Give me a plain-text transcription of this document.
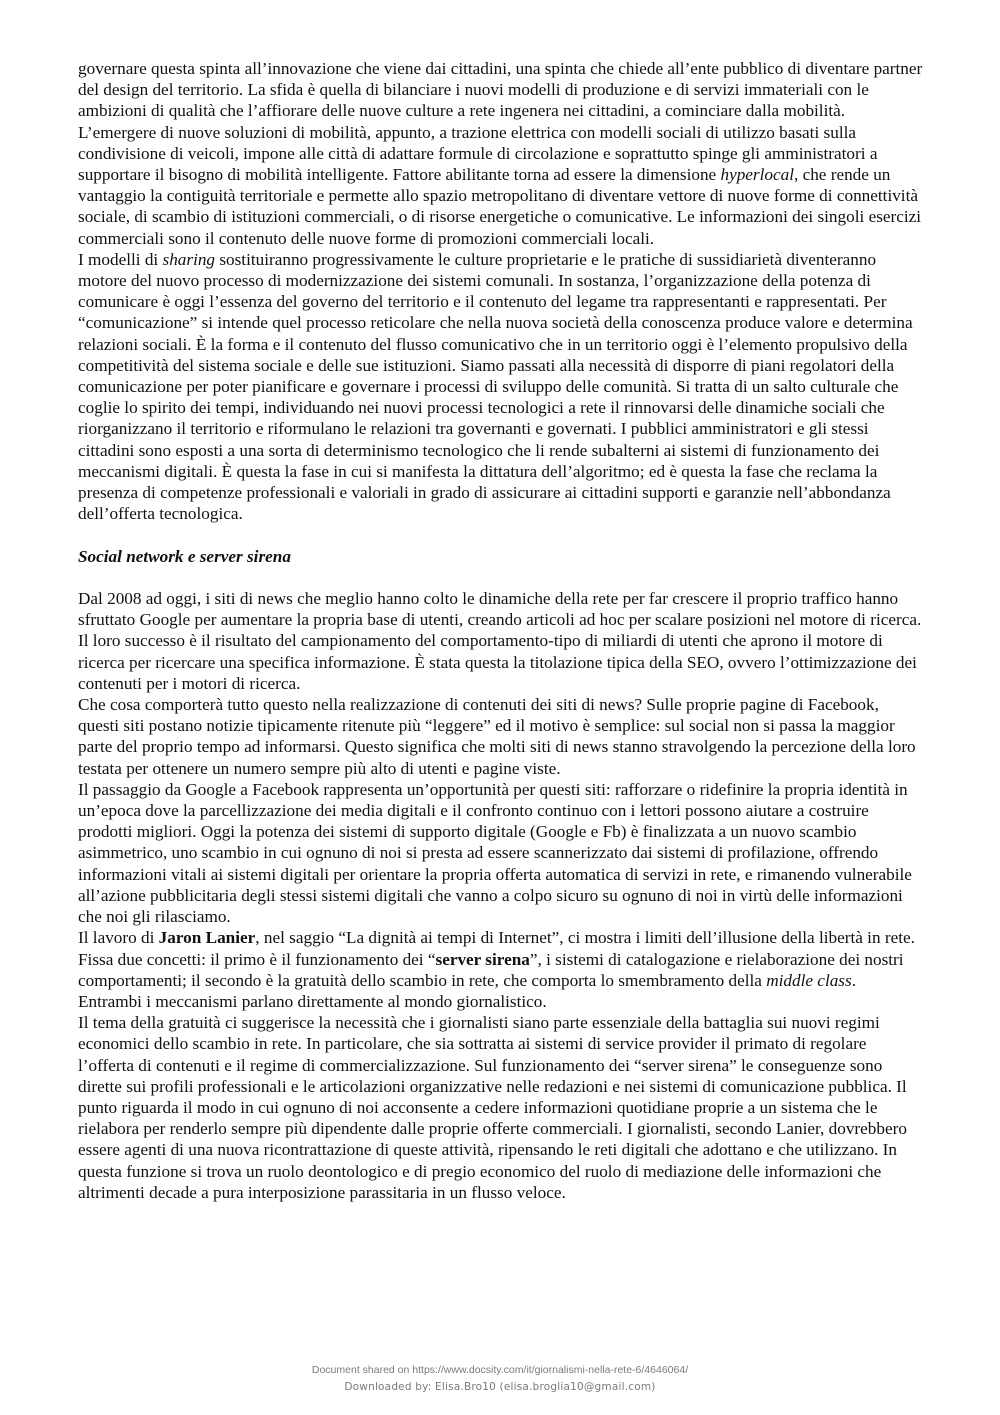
governare questa spinta all’innovazione che viene dai cittadini, una spinta che chiede all’ente pubblico di diventare partner del design del territorio. La sfida è quella di bilanciare i nuovi modelli di produzione e di servizi immateriali con le ambizioni di qualità che l’affiorare delle nuove culture a rete ingenera nei cittadini, a cominciare dalla mobilità. L’emergere di nuove soluzioni di mobilità, appunto, a trazione elettrica con modelli sociali di utilizzo basati sulla condivisione di veicoli, impone alle città di adattare formule di circolazione e soprattutto spinge gli amministratori a supportare il bisogno di mobilità intelligente. Fattore abilitante torna ad essere la dimensione hyperlocal, che rende un vantaggio la contiguità territoriale e permette allo spazio metropolitano di diventare vettore di nuove forme di connettività sociale, di scambio di istituzioni commerciali, o di risorse energetiche o comunicative. Le informazioni dei singoli esercizi commerciali sono il contenuto delle nuove forme di promozioni commerciali locali.

I modelli di sharing sostituiranno progressivamente le culture proprietarie e le pratiche di sussidiarietà diventeranno motore del nuovo processo di modernizzazione dei sistemi comunali. In sostanza, l’organizzazione della potenza di comunicare è oggi l’essenza del governo del territorio e il contenuto del legame tra rappresentanti e rappresentati. Per “comunicazione” si intende quel processo reticolare che nella nuova società della conoscenza produce valore e determina relazioni sociali. È la forma e il contenuto del flusso comunicativo che in un territorio oggi è l’elemento propulsivo della competitività del sistema sociale e delle sue istituzioni. Siamo passati alla necessità di disporre di piani regolatori della comunicazione per poter pianificare e governare i processi di sviluppo delle comunità. Si tratta di un salto culturale che coglie lo spirito dei tempi, individuando nei nuovi processi tecnologici a rete il rinnovarsi delle dinamiche sociali che riorganizzano il territorio e riformulano le relazioni tra governanti e governati. I pubblici amministratori e gli stessi cittadini sono esposti a una sorta di determinismo tecnologico che li rende subalterni ai sistemi di funzionamento dei meccanismi digitali. È questa la fase in cui si manifesta la dittatura dell’algoritmo; ed è questa la fase che reclama la presenza di competenze professionali e valoriali in grado di assicurare ai cittadini supporti e garanzie nell’abbondanza dell’offerta tecnologica.

Social network e server sirena

Dal 2008 ad oggi, i siti di news che meglio hanno colto le dinamiche della rete per far crescere il proprio traffico hanno sfruttato Google per aumentare la propria base di utenti, creando articoli ad hoc per scalare posizioni nel motore di ricerca. Il loro successo è il risultato del campionamento del comportamento-tipo di miliardi di utenti che aprono il motore di ricerca per ricercare una specifica informazione. È stata questa la titolazione tipica della SEO, ovvero l’ottimizzazione dei contenuti per i motori di ricerca.

Che cosa comporterà tutto questo nella realizzazione di contenuti dei siti di news? Sulle proprie pagine di Facebook, questi siti postano notizie tipicamente ritenute più “leggere” ed il motivo è semplice: sul social non si passa la maggior parte del proprio tempo ad informarsi. Questo significa che molti siti di news stanno stravolgendo la percezione della loro testata per ottenere un numero sempre più alto di utenti e pagine viste.

Il passaggio da Google a Facebook rappresenta un’opportunità per questi siti: rafforzare o ridefinire la propria identità in un’epoca dove la parcellizzazione dei media digitali e il confronto continuo con i lettori possono aiutare a costruire prodotti migliori. Oggi la potenza dei sistemi di supporto digitale (Google e Fb) è finalizzata a un nuovo scambio asimmetrico, uno scambio in cui ognuno di noi si presta ad essere scannerizzato dai sistemi di profilazione, offrendo informazioni vitali ai sistemi digitali per orientare la propria offerta automatica di servizi in rete, e rimanendo vulnerabile all’azione pubblicitaria degli stessi sistemi digitali che vanno a colpo sicuro su ognuno di noi in virtù delle informazioni che noi gli rilasciamo.

Il lavoro di Jaron Lanier, nel saggio “La dignità ai tempi di Internet”, ci mostra i limiti dell’illusione della libertà in rete. Fissa due concetti: il primo è il funzionamento dei “server sirena”, i sistemi di catalogazione e rielaborazione dei nostri comportamenti; il secondo è la gratuità dello scambio in rete, che comporta lo smembramento della middle class. Entrambi i meccanismi parlano direttamente al mondo giornalistico.

Il tema della gratuità ci suggerisce la necessità che i giornalisti siano parte essenziale della battaglia sui nuovi regimi economici dello scambio in rete. In particolare, che sia sottratta ai sistemi di service provider il primato di regolare l’offerta di contenuti e il regime di commercializzazione. Sul funzionamento dei “server sirena” le conseguenze sono dirette sui profili professionali e le articolazioni organizzative nelle redazioni e nei sistemi di comunicazione pubblica. Il punto riguarda il modo in cui ognuno di noi acconsente a cedere informazioni quotidiane proprie a un sistema che le rielabora per renderlo sempre più dipendente dalle proprie offerte commerciali. I giornalisti, secondo Lanier, dovrebbero essere agenti di una nuova ricontrattazione di queste attività, ripensando le reti digitali che adottano e che utilizzano. In questa funzione si trova un ruolo deontologico e di pregio economico del ruolo di mediazione delle informazioni che altrimenti decade a pura interposizione parassitaria in un flusso veloce.

Document shared on https://www.docsity.com/it/giornalismi-nella-rete-6/4646064/
Downloaded by: Elisa.Bro10 (elisa.broglia10@gmail.com)
